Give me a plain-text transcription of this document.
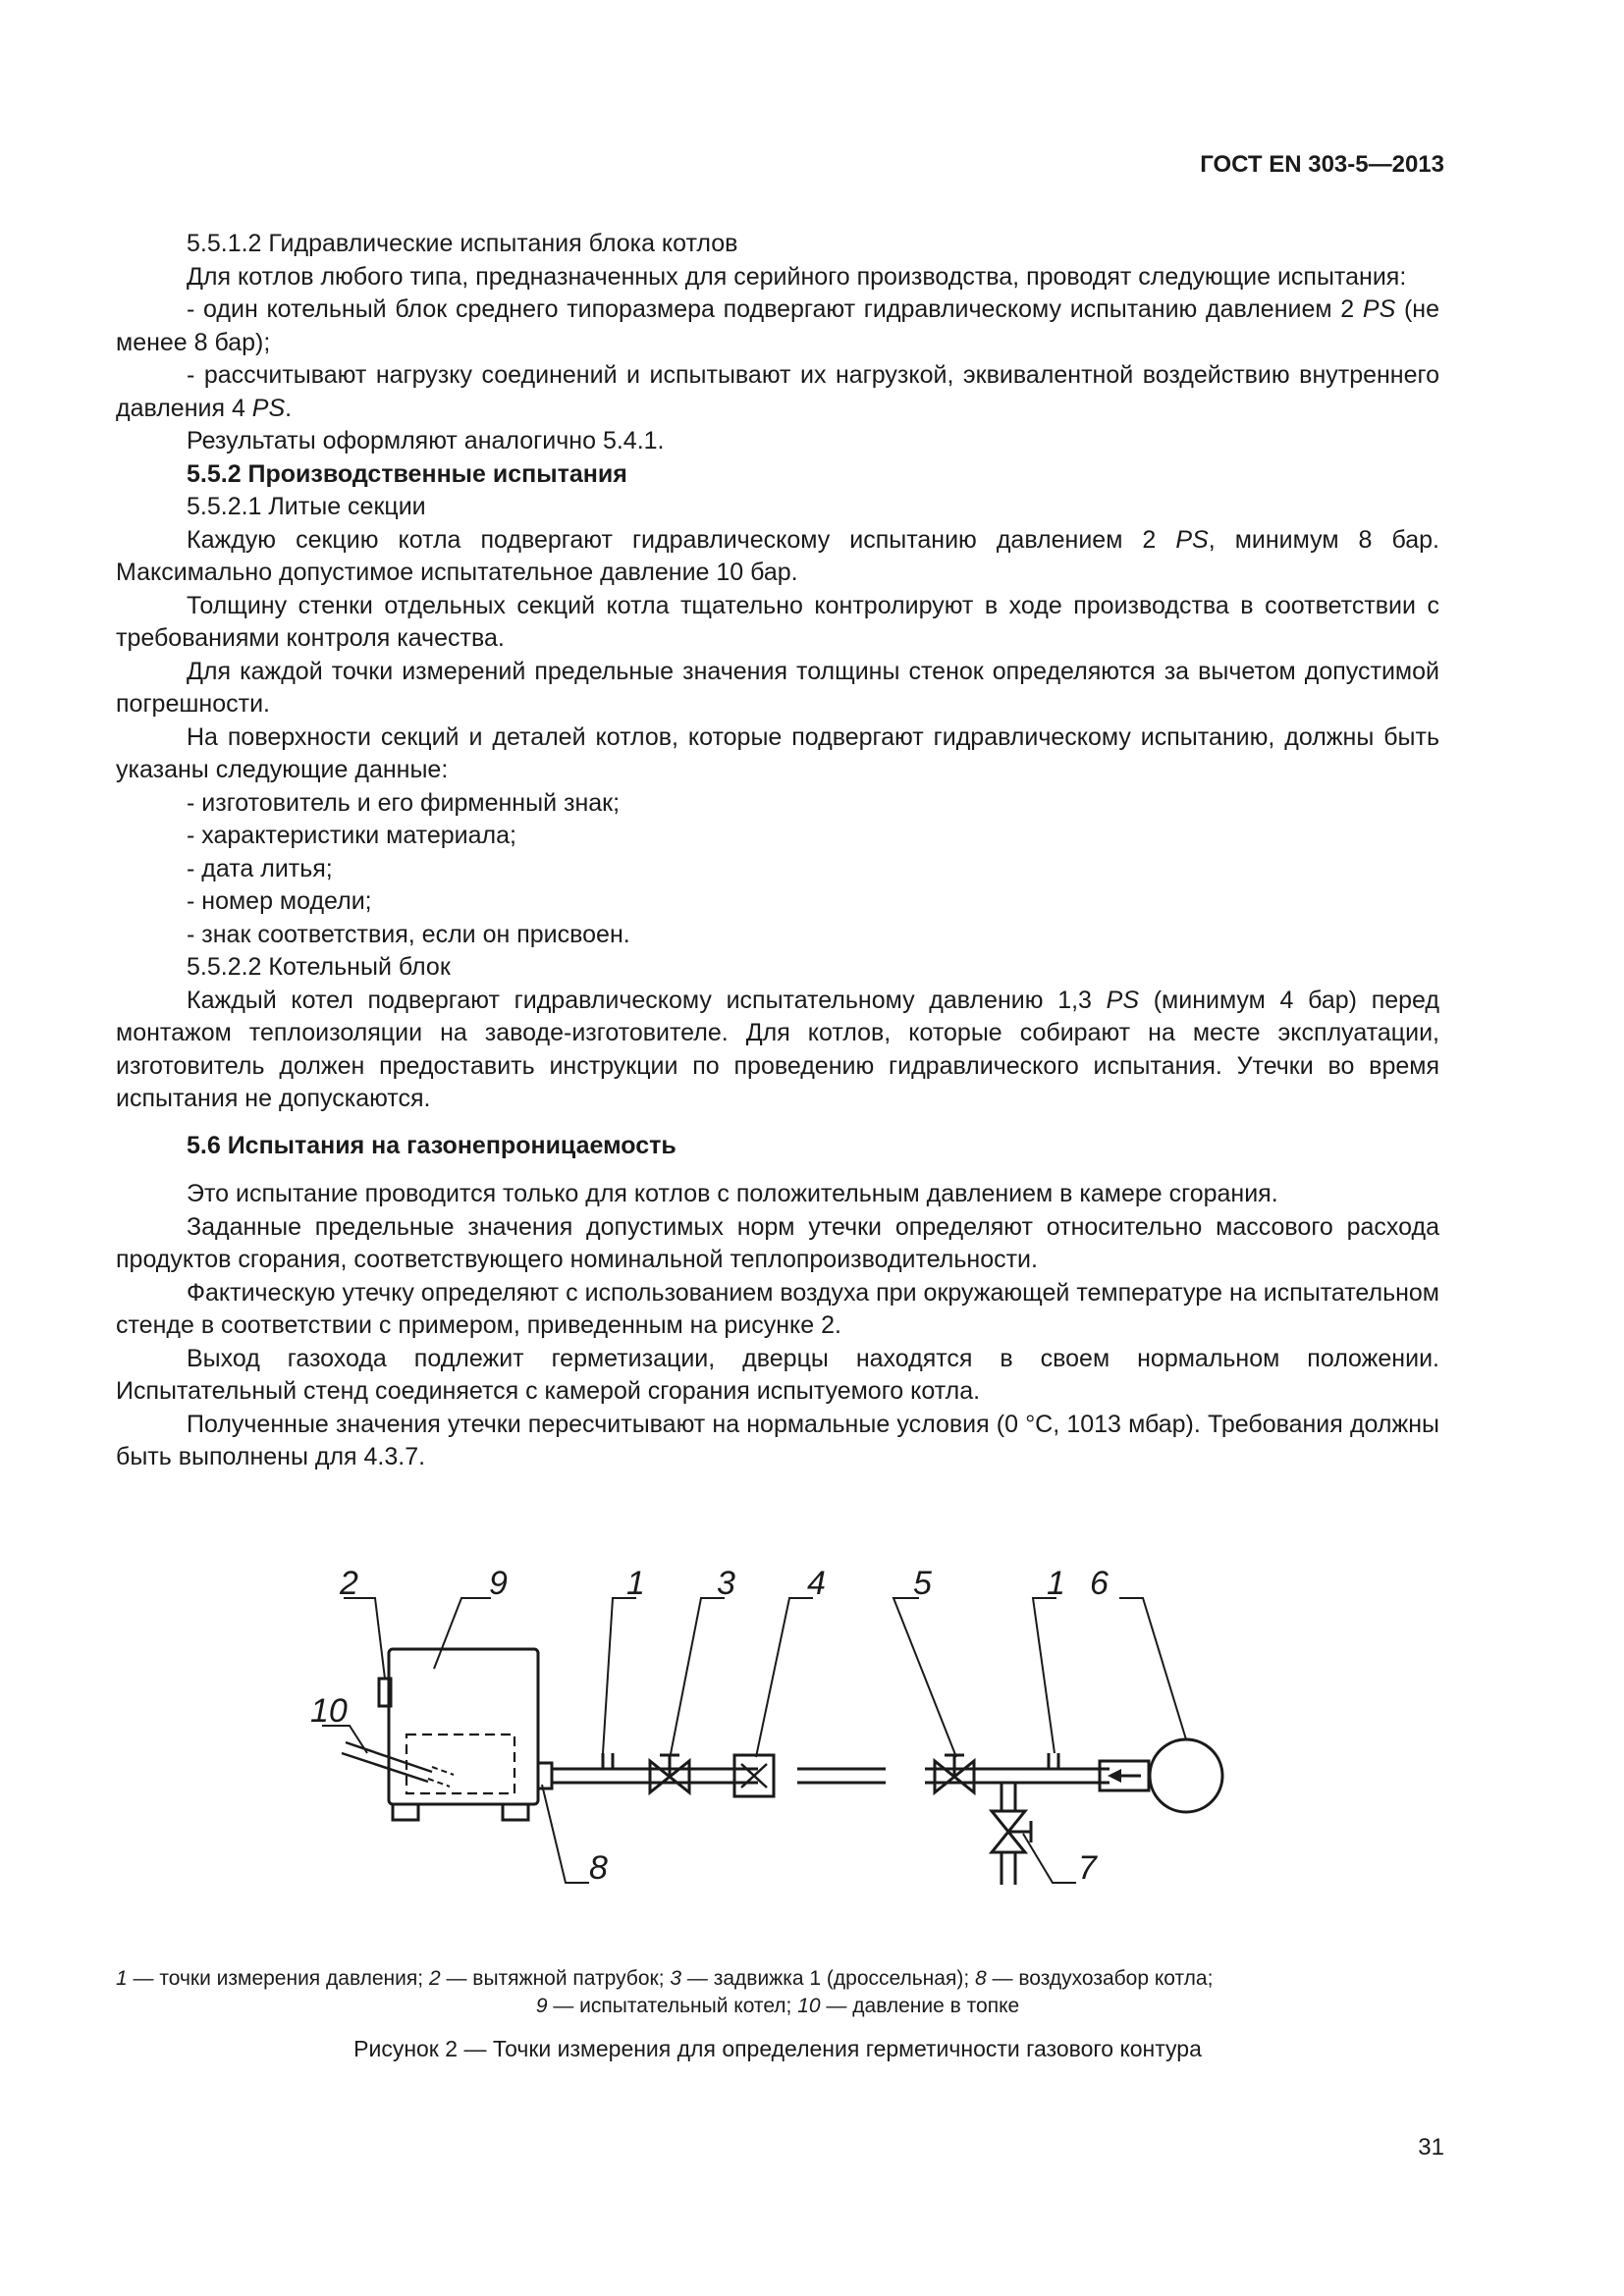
ГОСТ EN 303-5—2013

5.5.1.2 Гидравлические испытания блока котлов

Для котлов любого типа, предназначенных для серийного производства, проводят следующие испытания:

- один котельный блок среднего типоразмера подвергают гидравлическому испытанию давлением 2 PS (не менее 8 бар);

- рассчитывают нагрузку соединений и испытывают их нагрузкой, эквивалентной воздействию внутреннего давления 4 PS.

Результаты оформляют аналогично 5.4.1.

5.5.2 Производственные испытания

5.5.2.1 Литые секции

Каждую секцию котла подвергают гидравлическому испытанию давлением 2 PS, минимум 8 бар. Максимально допустимое испытательное давление 10 бар.

Толщину стенки отдельных секций котла тщательно контролируют в ходе производства в соответствии с требованиями контроля качества.

Для каждой точки измерений предельные значения толщины стенок определяются за вычетом допустимой погрешности.

На поверхности секций и деталей котлов, которые подвергают гидравлическому испытанию, должны быть указаны следующие данные:

- изготовитель и его фирменный знак;

- характеристики материала;

- дата литья;

- номер модели;

- знак соответствия, если он присвоен.

5.5.2.2 Котельный блок

Каждый котел подвергают гидравлическому испытательному давлению 1,3 PS (минимум 4 бар) перед монтажом теплоизоляции на заводе-изготовителе. Для котлов, которые собирают на месте эксплуатации, изготовитель должен предоставить инструкции по проведению гидравлического испытания. Утечки во время испытания не допускаются.

5.6 Испытания на газонепроницаемость

Это испытание проводится только для котлов с положительным давлением в камере сгорания.

Заданные предельные значения допустимых норм утечки определяют относительно массового расхода продуктов сгорания, соответствующего номинальной теплопроизводительности.

Фактическую утечку определяют с использованием воздуха при окружающей температуре на испытательном стенде в соответствии с примером, приведенным на рисунке 2.

Выход газохода подлежит герметизации, дверцы находятся в своем нормальном положении. Испытательный стенд соединяется с камерой сгорания испытуемого котла.

Полученные значения утечки пересчитывают на нормальные условия (0 °С, 1013 мбар). Требования должны быть выполнены для 4.3.7.

2	9
10
1 3 4	5	1 6
8	7
1 — точки измерения давления; 2 — вытяжной патрубок; 3 — задвижка 1 (дроссельная); 8 — воздухозабор котла;
9 — испытательный котел; 10 — давление в топке
Рисунок 2 — Точки измерения для определения герметичности газового контура
31
